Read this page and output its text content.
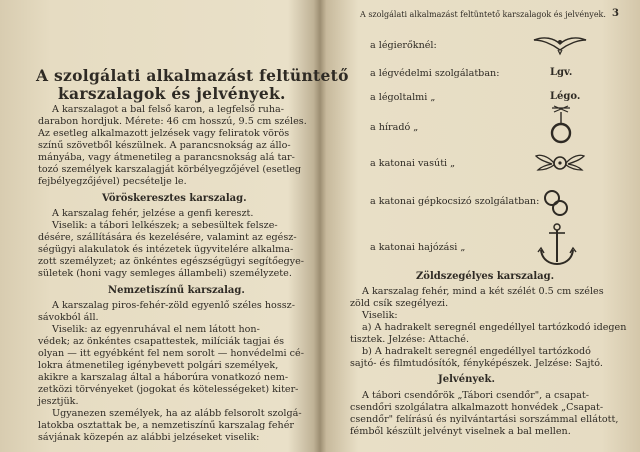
A szolgálati alkalmazást feltüntető
karszalagok és jelvények.
A karszalagot a bal felső karon, a legfelső ruha-
darabon hordjuk. Mérete: 46 cm hosszú, 9.5 cm széles.
Az esetleg alkalmazott jelzések vagy feliratok vörös
színű szövetből készülnek. A parancsnokság az állo-
mányába, vagy átmenetileg a parancsnokság alá tar-
tozó személyek karszalagját körbélyegzőjével (esetleg
fejbélyegzőjével) pecsételje le.
Vöröskeresztes karszalag.
A karszalag fehér, jelzése a genfi kereszt.
Viselik: a tábori lelkészek; a sebesültek felsze-
désére, szállítására és kezelésére, valamint az egész-
ségügyi alakulatok és intézetek ügyvitelére alkalma-
zott személyzet; az önkéntes egészségügyi segítőegye-
sületek (honi vagy semleges állambeli) személyzete.
Nemzetiszínű karszalag.
A karszalag piros-fehér-zöld egyenlő széles hossz-
sávokból áll.
Viselik: az egyenruhával el nem látott hon-
védek; az önkéntes csapattestek, milíciák tagjai és
olyan — itt egyébként fel nem sorolt — honvédelmi cé-
lokra átmenetileg igénybevett polgári személyek,
akikre a karszalag által a háborúra vonatkozó nem-
zetközi törvényeket (jogokat és kötelességeket) kiter-
jesztjük.
Ugyanezen személyek, ha az alább felsorolt szolgá-
latokba osztattak be, a nemzetiszínű karszalag fehér
sávjának közepén az alábbi jelzéseket viselik:
A szolgálati alkalmazást feltüntető karszalagok és jelvények. 3
a légierőknél:
a légvédelmi szolgálatban:	Lgv.
a légoltalmi „	Légo.
a híradó „
a katonai vasúti „
a katonai gépkocsizó szolgálatban:
a katonai hajózási „
Zöldszegélyes karszalag.
A karszalag fehér, mind a két szélét 0.5 cm széles
zöld csík szegélyezi.
Viselik:
a) A hadrakelt seregnél engedéllyel tartózkodó idegen
tisztek. Jelzése: Attaché.
b) A hadrakelt seregnél engedéllyel tartózkodó
sajtó- és filmtudósítók, fényképészek. Jelzése: Sajtó.
Jelvények.
A tábori csendőrök „Tábori csendőr", a csapat-
csendőri szolgálatra alkalmazott honvédek „Csapat-
csendőr" felírású és nyilvántartási sorszámmal ellátott,
fémből készült jelvényt viselnek a bal mellen.
